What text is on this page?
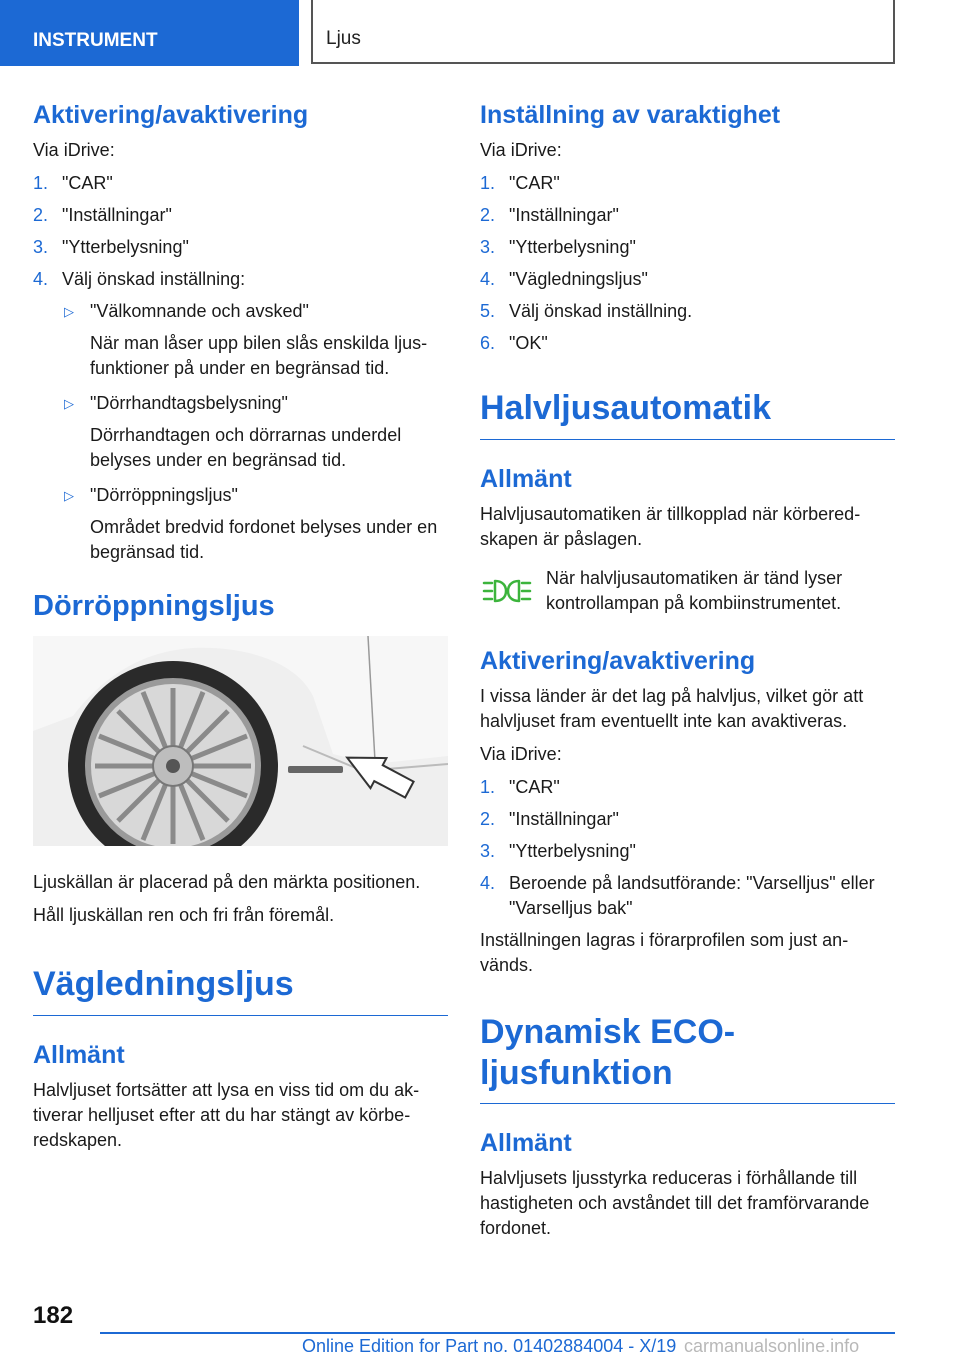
INSTRUMENT	Ljus
Aktivering/avaktivering
Via iDrive:
1. "CAR"
2. "Inställningar"
3. "Ytterbelysning"
4. Välj önskad inställning:
▷ "Välkomnande och avsked"
När man låser upp bilen slås enskilda ljusfunktioner på under en begränsad tid.
▷ "Dörrhandtagsbelysning"
Dörrhandtagen och dörrarnas underdel belyses under en begränsad tid.
▷ "Dörröppningsljus"
Området bredvid fordonet belyses under en begränsad tid.
Dörröppningsljus
Ljuskällan är placerad på den märkta positionen.
Håll ljuskällan ren och fri från föremål.
Vägledningsljus
Allmänt
Halvljuset fortsätter att lysa en viss tid om du aktiverar helljuset efter att du har stängt av körberedskapen.
Inställning av varaktighet
Via iDrive:
1. "CAR"
2. "Inställningar"
3. "Ytterbelysning"
4. "Vägledningsljus"
5. Välj önskad inställning.
6. "OK"
Halvljusautomatik
Allmänt
Halvljusautomatiken är tillkopplad när körberedskapen är påslagen.
När halvljusautomatiken är tänd lyser kontrollampan på kombiinstrumentet.
Aktivering/avaktivering
I vissa länder är det lag på halvljus, vilket gör att halvljuset fram eventuellt inte kan avaktiveras.
Via iDrive:
1. "CAR"
2. "Inställningar"
3. "Ytterbelysning"
4. Beroende på landsutförande: "Varselljus" eller "Varselljus bak"
Inställningen lagras i förarprofilen som just används.
Dynamisk ECO-
ljusfunktion
Allmänt
Halvljusets ljusstyrka reduceras i förhållande till hastigheten och avståndet till det framförvarande fordonet.
182
Online Edition for Part no. 01402884004 - X/19 carmanualsonline.info
